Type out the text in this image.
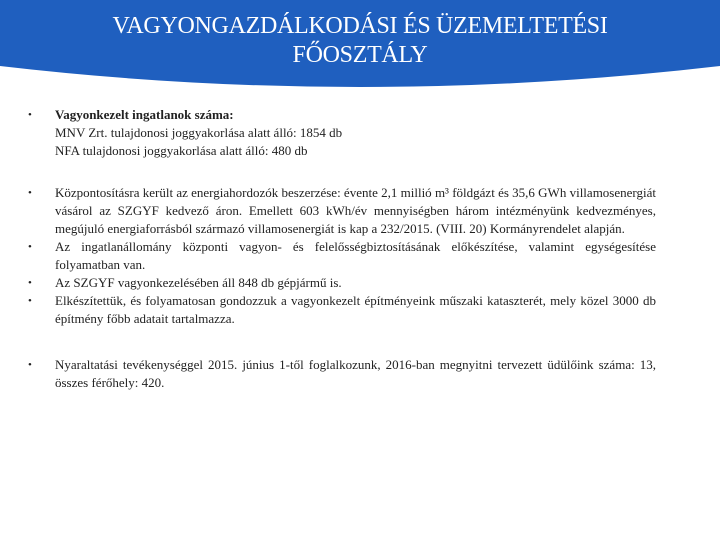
VAGYONGAZDÁLKODÁSI ÉS ÜZEMELTETÉSI
FŐOSZTÁLY
•	Vagyonkezelt ingatlanok száma:
MNV Zrt. tulajdonosi joggyakorlása alatt álló: 1854 db
NFA tulajdonosi joggyakorlása alatt álló: 480 db
•	Központosításra került az energiahordozók beszerzése: évente 2,1 millió m³ földgázt és 35,6 GWh villamosenergiát vásárol az SZGYF kedvező áron. Emellett 603 kWh/év mennyiségben három intézményünk kedvezményes, megújuló energiaforrásból származó villamosenergiát is kap a 232/2015. (VIII. 20) Kormányrendelet alapján.
•	Az ingatlanállomány központi vagyon- és felelősségbiztosításának előkészítése, valamint egységesítése folyamatban van.
•	Az SZGYF vagyonkezelésében áll 848 db gépjármű is.
•	Elkészítettük, és folyamatosan gondozzuk a vagyonkezelt építményeink műszaki kataszterét, mely közel 3000 db építmény főbb adatait tartalmazza.
•	Nyaraltatási tevékenységgel 2015. június 1-től foglalkozunk, 2016-ban megnyitni tervezett üdülőink száma: 13, összes férőhely: 420.
